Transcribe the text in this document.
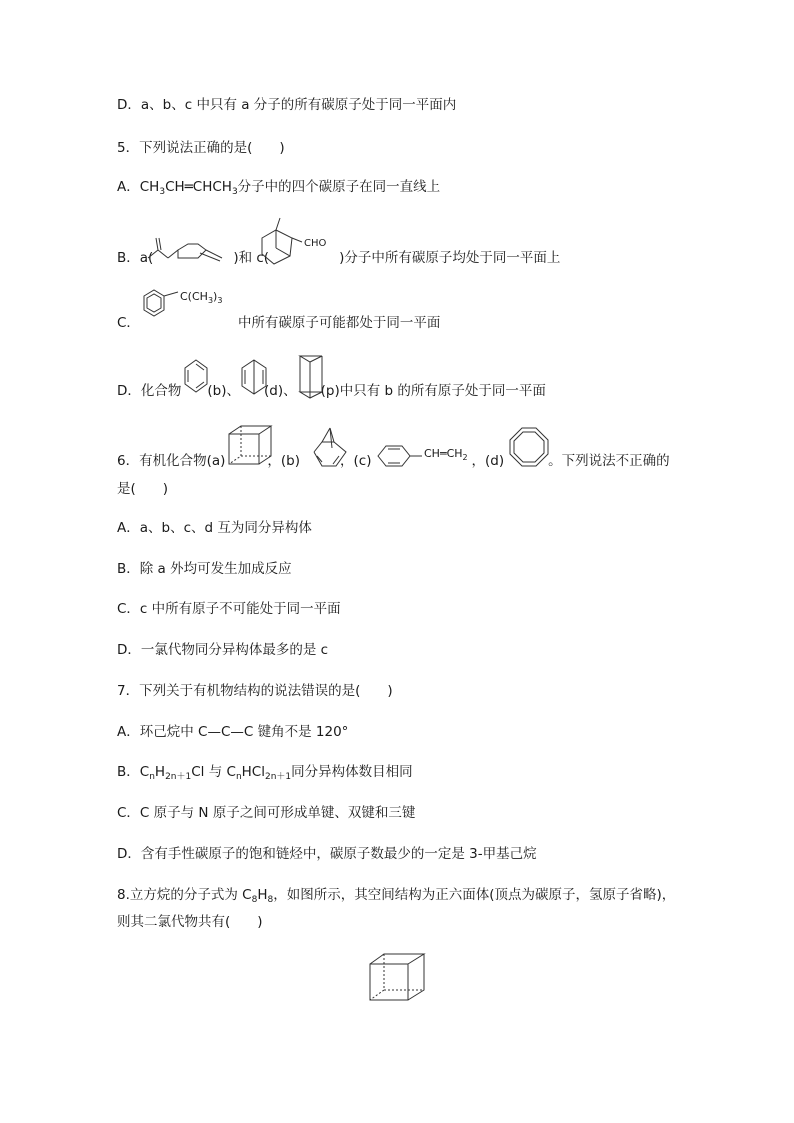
D．a、b、c 中只有 a 分子的所有碳原子处于同一平面内
5．下列说法正确的是(　　)
A．$CH_3CH═CHCH_3$分子中的四个碳原子在同一直线上
B．a(	)和 c(	)分子中所有碳原子均处于同一平面上
CHO
C．	中所有碳原子可能都处于同一平面
$C(CH_3)_3$
D．化合物 (b)、 (d)、 (p)中只有 b 的所有原子处于同一平面
6．有机化合物(a)	，(b)	，(c)	，(d)	。下列说法不正确的
$CH═CH_2$
是(　　)
A．a、b、c、d 互为同分异构体
B．除 a 外均可发生加成反应
C．c 中所有原子不可能处于同一平面
D．一氯代物同分异构体最多的是 c
7．下列关于有机物结构的说法错误的是(　　)
A．环己烷中 C—C—C 键角不是 120°
B．$C_nH_{2n+1}Cl$ 与 $C_nHCl_{2n+1}$同分异构体数目相同
C．C 原子与 N 原子之间可形成单键、双键和三键
D．含有手性碳原子的饱和链烃中，碳原子数最少的一定是 3-甲基己烷
8.立方烷的分子式为 $C_8H_8$，如图所示，其空间结构为正六面体(顶点为碳原子，氢原子省略)，
则其二氯代物共有(　　)
